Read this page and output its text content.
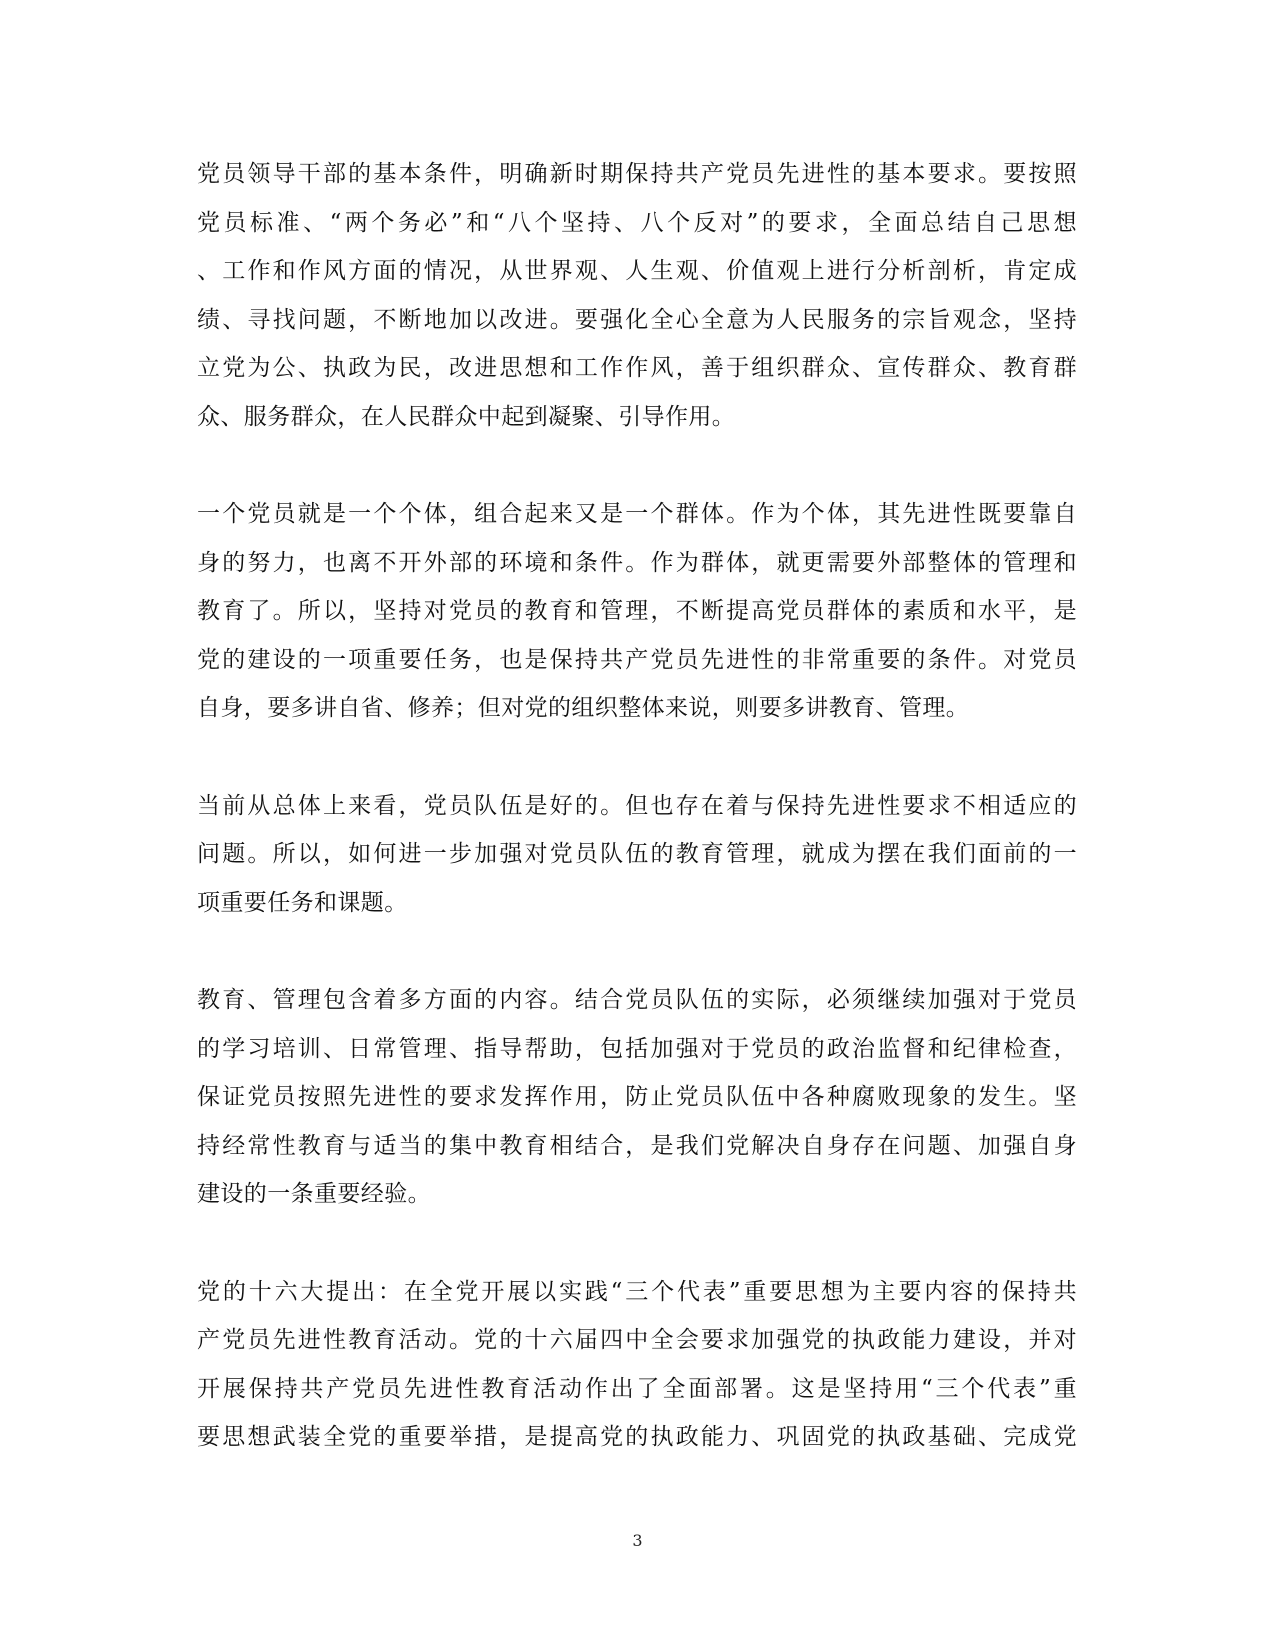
党员领导干部的基本条件，明确新时期保持共产党员先进性的基本要求。要按照
党员标准、“两个务必”和“八个坚持、八个反对”的要求，全面总结自己思想
、工作和作风方面的情况，从世界观、人生观、价值观上进行分析剖析，肯定成
绩、寻找问题，不断地加以改进。要强化全心全意为人民服务的宗旨观念，坚持
立党为公、执政为民，改进思想和工作作风，善于组织群众、宣传群众、教育群
众、服务群众，在人民群众中起到凝聚、引导作用。

一个党员就是一个个体，组合起来又是一个群体。作为个体，其先进性既要靠自
身的努力，也离不开外部的环境和条件。作为群体，就更需要外部整体的管理和
教育了。所以，坚持对党员的教育和管理，不断提高党员群体的素质和水平，是
党的建设的一项重要任务，也是保持共产党员先进性的非常重要的条件。对党员
自身，要多讲自省、修养；但对党的组织整体来说，则要多讲教育、管理。

当前从总体上来看，党员队伍是好的。但也存在着与保持先进性要求不相适应的
问题。所以，如何进一步加强对党员队伍的教育管理，就成为摆在我们面前的一
项重要任务和课题。

教育、管理包含着多方面的内容。结合党员队伍的实际，必须继续加强对于党员
的学习培训、日常管理、指导帮助，包括加强对于党员的政治监督和纪律检查，
保证党员按照先进性的要求发挥作用，防止党员队伍中各种腐败现象的发生。坚
持经常性教育与适当的集中教育相结合，是我们党解决自身存在问题、加强自身
建设的一条重要经验。

党的十六大提出：在全党开展以实践“三个代表”重要思想为主要内容的保持共
产党员先进性教育活动。党的十六届四中全会要求加强党的执政能力建设，并对
开展保持共产党员先进性教育活动作出了全面部署。这是坚持用“三个代表”重
要思想武装全党的重要举措，是提高党的执政能力、巩固党的执政基础、完成党

3
